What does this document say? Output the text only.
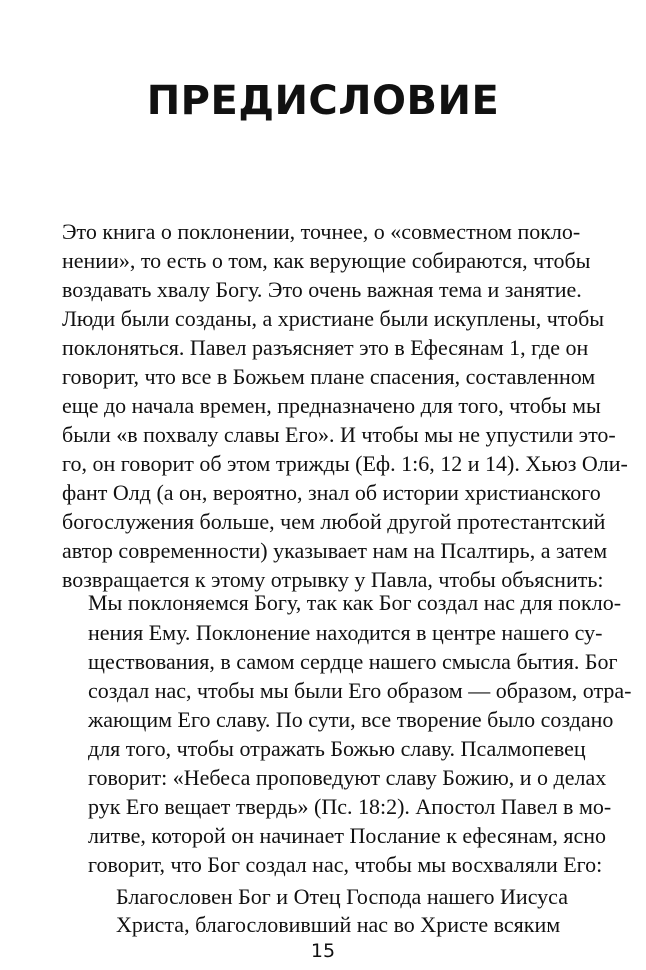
ПРЕДИСЛОВИЕ

Это книга о поклонении, точнее, о «совместном покло-

нении», то есть о том, как верующие собираются, чтобы

воздавать хвалу Богу. Это очень важная тема и занятие.

Люди были созданы, а христиане были искуплены, чтобы

поклоняться. Павел разъясняет это в Ефесянам 1, где он

говорит, что все в Божьем плане спасения, составленном

еще до начала времен, предназначено для того, чтобы мы

были «в похвалу славы Его». И чтобы мы не упустили это-

го, он говорит об этом трижды (Еф. 1:6, 12 и 14). Хьюз Оли-

фант Олд (а он, вероятно, знал об истории христианского

богослужения больше, чем любой другой протестантский

автор современности) указывает нам на Псалтирь, а затем

возвращается к этому отрывку у Павла, чтобы объяснить:

Мы поклоняемся Богу, так как Бог создал нас для покло-

нения Ему. Поклонение находится в центре нашего су-

ществования, в самом сердце нашего смысла бытия. Бог

создал нас, чтобы мы были Его образом — образом, отра-

жающим Его славу. По сути, все творение было создано

для того, чтобы отражать Божью славу. Псалмопевец

говорит: «Небеса проповедуют славу Божию, и о делах

рук Его вещает твердь» (Пс. 18:2). Апостол Павел в мо-

литве, которой он начинает Послание к ефесянам, ясно

говорит, что Бог создал нас, чтобы мы восхваляли Его:

Благословен Бог и Отец Господа нашего Иисуса

Христа, благословивший нас во Христе всяким

15
